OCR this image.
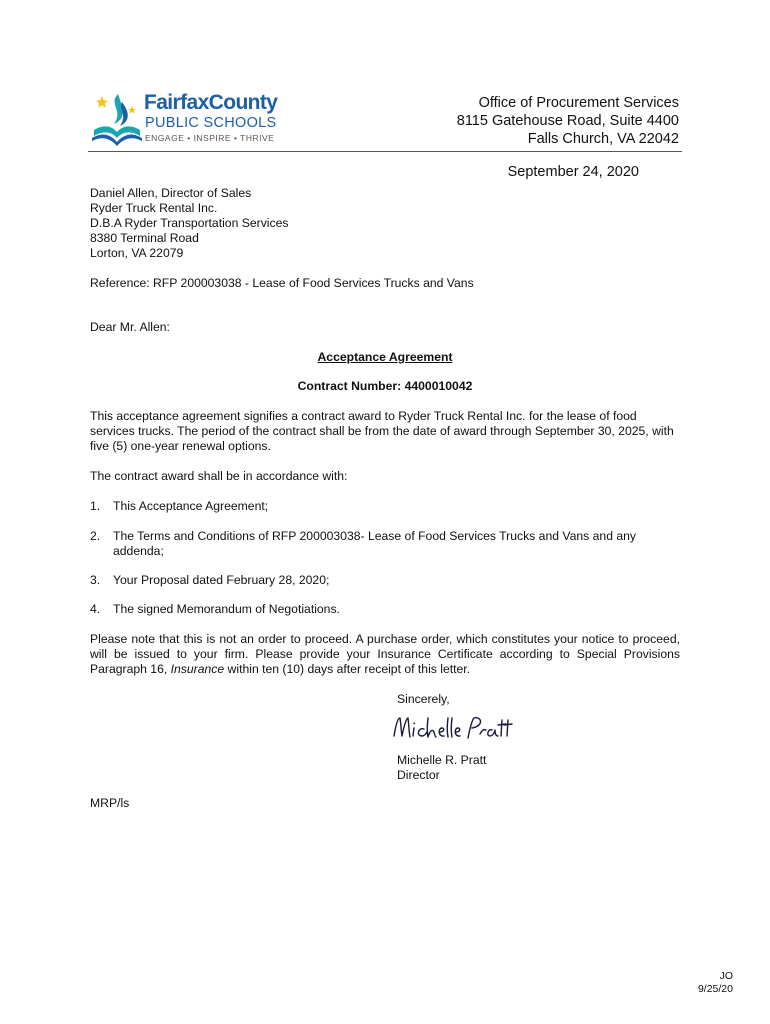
FairfaxCounty
PUBLIC SCHOOLS
ENGAGE • INSPIRE • THRIVE
Office of Procurement Services
8115 Gatehouse Road, Suite 4400
Falls Church, VA 22042
September 24, 2020
Daniel Allen, Director of Sales
Ryder Truck Rental Inc.
D.B.A Ryder Transportation Services
8380 Terminal Road
Lorton, VA 22079
Reference: RFP 200003038 - Lease of Food Services Trucks and Vans
Dear Mr. Allen:
Acceptance Agreement
Contract Number: 4400010042
This acceptance agreement signifies a contract award to Ryder Truck Rental Inc. for the lease of food services trucks. The period of the contract shall be from the date of award through September 30, 2025, with five (5) one-year renewal options.
The contract award shall be in accordance with:
1. This Acceptance Agreement;
2. The Terms and Conditions of RFP 200003038- Lease of Food Services Trucks and Vans and any addenda;
3. Your Proposal dated February 28, 2020;
4. The signed Memorandum of Negotiations.
Please note that this is not an order to proceed. A purchase order, which constitutes your notice to proceed, will be issued to your firm. Please provide your Insurance Certificate according to Special Provisions Paragraph 16, Insurance within ten (10) days after receipt of this letter.
Sincerely,
Michelle R. Pratt
Director
MRP/ls
JO
9/25/20
